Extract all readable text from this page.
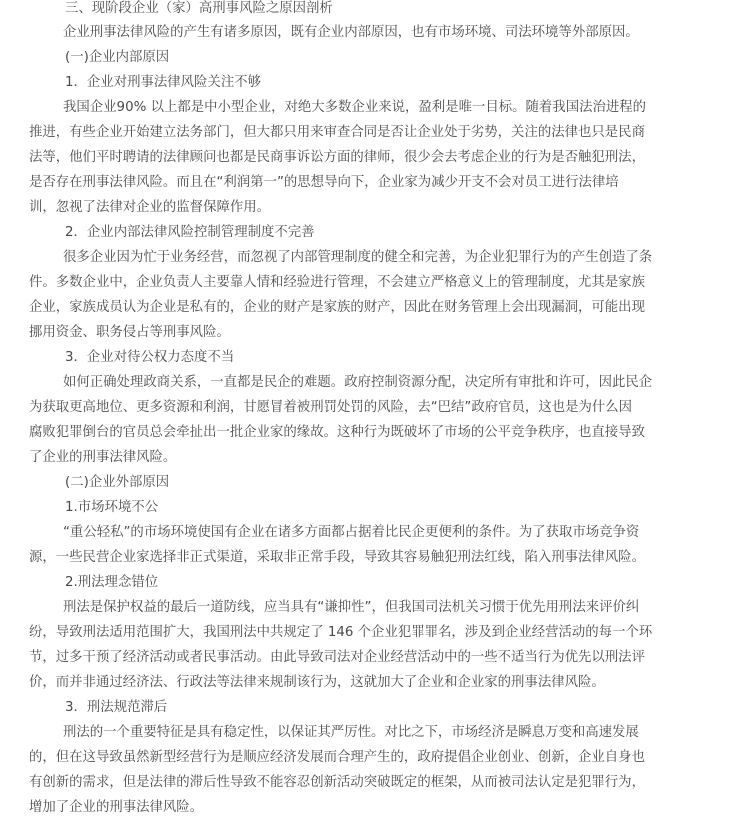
三、现阶段企业（家）高刑事风险之原因剖析
企业刑事法律风险的产生有诸多原因，既有企业内部原因，也有市场环境、司法环境等外部原因。
(一)企业内部原因
1．企业对刑事法律风险关注不够
我国企业90% 以上都是中小型企业，对绝大多数企业来说，盈利是唯一目标。随着我国法治进程的
推进，有些企业开始建立法务部门，但大都只用来审查合同是否让企业处于劣势，关注的法律也只是民商
法等，他们平时聘请的法律顾问也都是民商事诉讼方面的律师，很少会去考虑企业的行为是否触犯刑法，
是否存在刑事法律风险。而且在“利润第一”的思想导向下，企业家为减少开支不会对员工进行法律培
训，忽视了法律对企业的监督保障作用。
2．企业内部法律风险控制管理制度不完善
很多企业因为忙于业务经营，而忽视了内部管理制度的健全和完善，为企业犯罪行为的产生创造了条
件。多数企业中，企业负责人主要靠人情和经验进行管理，不会建立严格意义上的管理制度，尤其是家族
企业，家族成员认为企业是私有的，企业的财产是家族的财产，因此在财务管理上会出现漏洞，可能出现
挪用资金、职务侵占等刑事风险。
3．企业对待公权力态度不当
如何正确处理政商关系，一直都是民企的难题。政府控制资源分配，决定所有审批和许可，因此民企
为获取更高地位、更多资源和利润，甘愿冒着被刑罚处罚的风险，去“巴结”政府官员，这也是为什么因
腐败犯罪倒台的官员总会牵扯出一批企业家的缘故。这种行为既破坏了市场的公平竞争秩序，也直接导致
了企业的刑事法律风险。
(二)企业外部原因
1.市场环境不公
“重公轻私”的市场环境使国有企业在诸多方面都占据着比民企更便利的条件。为了获取市场竞争资
源，一些民营企业家选择非正式渠道，采取非正常手段，导致其容易触犯刑法红线，陷入刑事法律风险。
2.刑法理念错位
刑法是保护权益的最后一道防线，应当具有“谦抑性”，但我国司法机关习惯于优先用刑法来评价纠
纷，导致刑法适用范围扩大，我国刑法中共规定了 146 个企业犯罪罪名，涉及到企业经营活动的每一个环
节，过多干预了经济活动或者民事活动。由此导致司法对企业经营活动中的一些不适当行为优先以刑法评
价，而并非通过经济法、行政法等法律来规制该行为，这就加大了企业和企业家的刑事法律风险。
3．刑法规范滞后
刑法的一个重要特征是具有稳定性，以保证其严厉性。对比之下，市场经济是瞬息万变和高速发展
的，但在这导致虽然新型经营行为是顺应经济发展而合理产生的，政府提倡企业创业、创新，企业自身也
有创新的需求，但是法律的滞后性导致不能容忍创新活动突破既定的框架，从而被司法认定是犯罪行为，
增加了企业的刑事法律风险。
